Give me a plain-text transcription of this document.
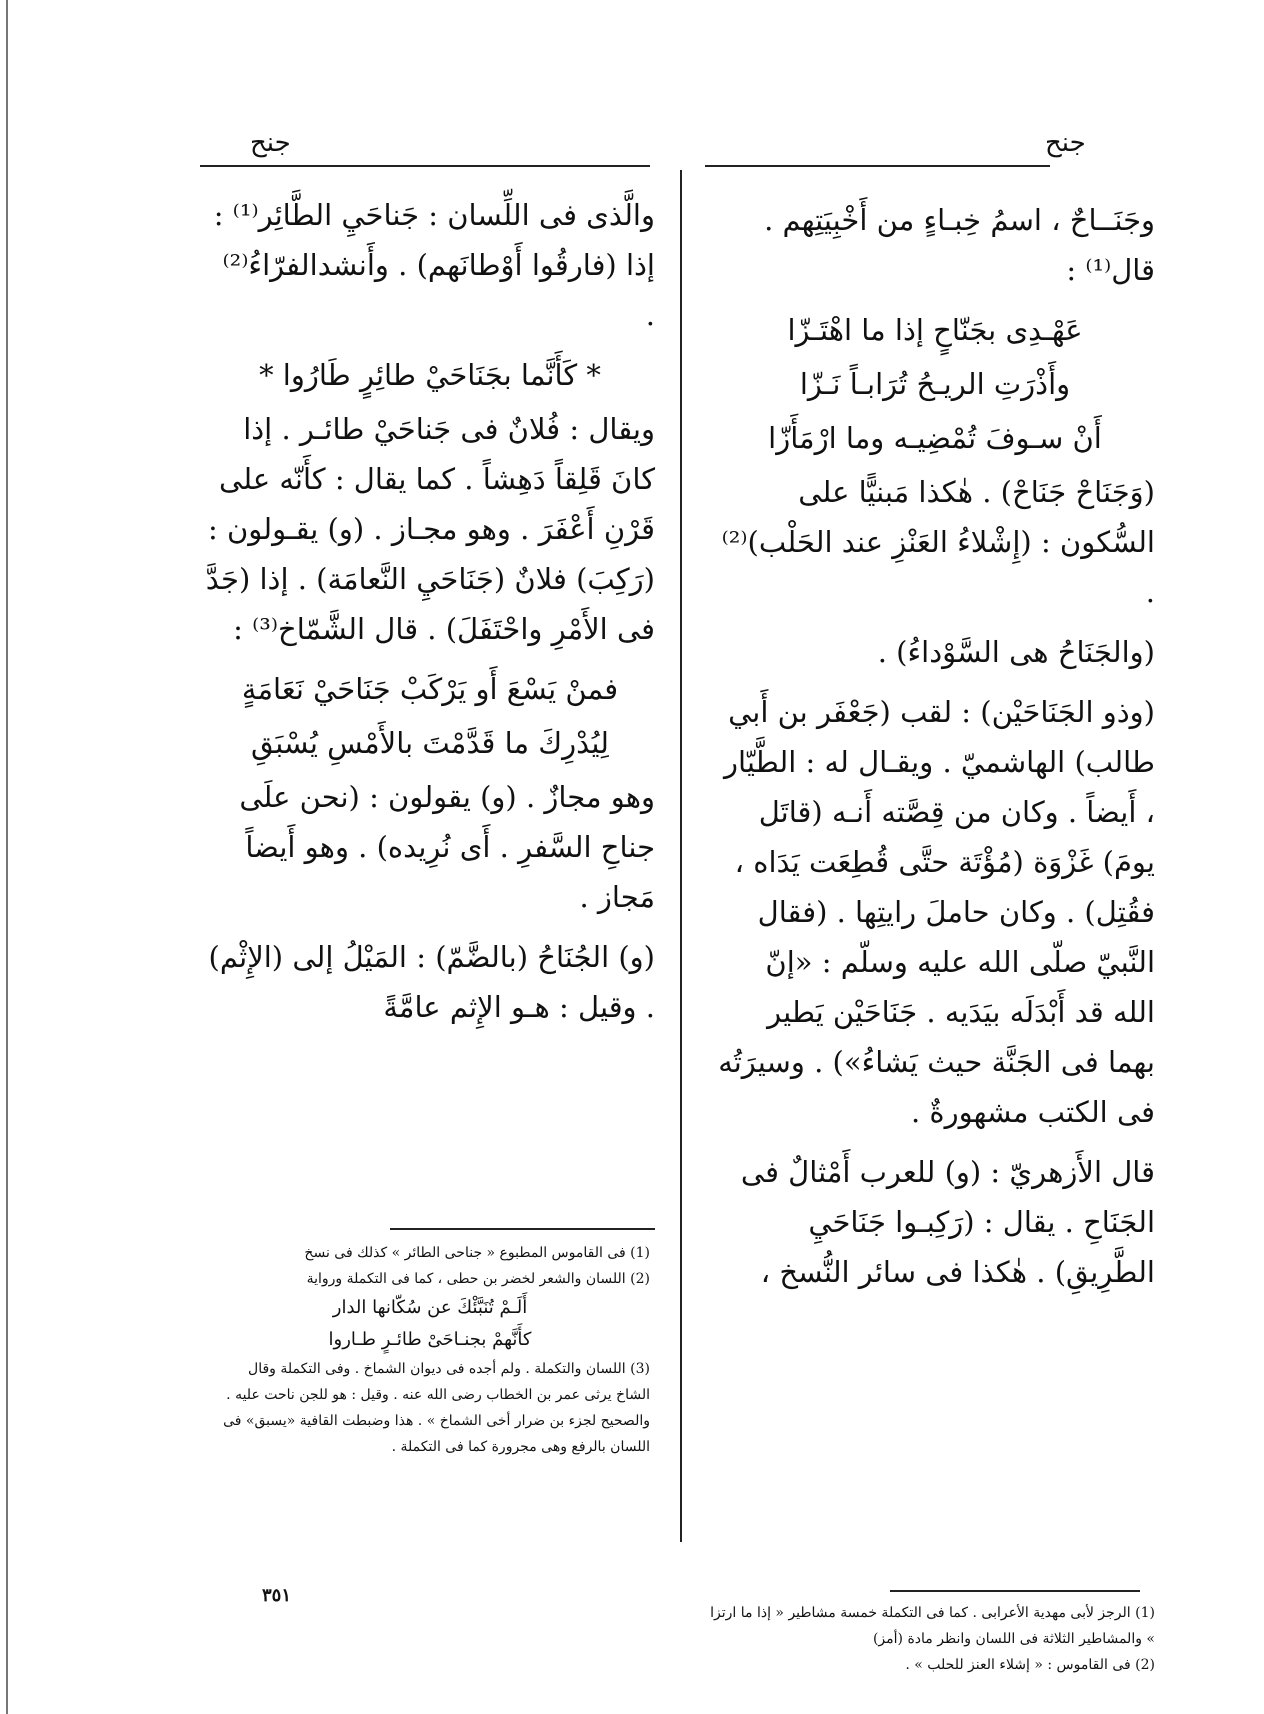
جنح	جنح

وجَنَــاحٌ ، اسمُ خِبـاءٍ من أَخْبِيَتِهم . قال⁽¹⁾ :

عَهْـدِى بجَنّاحٍ إذا ما اهْتَـزّا

وأَذْرَتِ الريـحُ تُرَابـاً نَـزّا

أَنْ سـوفَ تُمْضِيـه وما ارْمَأَزّا

(وَجَنَاحْ جَنَاحْ) . هٰكذا مَبنيًّا على السُّكون : (إِشْلاءُ العَنْزِ عند الحَلْب)⁽²⁾ .

(والجَنَاحُ هى السَّوْداءُ) .

(وذو الجَنَاحَيْن) : لقب (جَعْفَر بن أَبي طالب) الهاشميّ . ويقـال له : الطَّيّار ، أَيضاً . وكان من قِصَّته أَنـه (قاتَل يومَ) غَزْوَة (مُؤْتَة حتَّى قُطِعَت يَدَاه ، فقُتِل) . وكان حاملَ رايتِها . (فقال النَّبيّ صلّى الله عليه وسلّم : «إنّ الله قد أَبْدَلَه بيَدَيه . جَنَاحَيْن يَطير بهما فى الجَنَّة حيث يَشاءُ») . وسيرَتُه فى الكتب مشهورةٌ .

قال الأَزهريّ : (و) للعرب أَمْثالٌ فى الجَنَاحِ . يقال : (رَكِبـوا جَنَاحَيِ الطَّرِيقِ) . هٰكذا فى سائر النُّسخ ،

والَّذى فى اللِّسان : جَناحَيِ الطَّائِر⁽¹⁾ : إذا (فارقُوا أَوْطانَهم) . وأَنشدالفرّاءُ⁽²⁾ .

* كَأَنَّما بجَنَاحَيْ طائِرٍ طَارُوا *

ويقال : فُلانٌ فى جَناحَيْ طائـر . إذا كانَ قَلِقاً دَهِشاً . كما يقال : كأَنّه على قَرْنِ أَعْفَرَ . وهو مجـاز . (و) يقـولون : (رَكِبَ) فلانٌ (جَنَاحَيِ النَّعامَة) . إذا (جَدَّ فى الأَمْرِ واحْتَفَلَ) . قال الشَّمّاخ⁽³⁾ :

فمنْ يَسْعَ أَو يَرْكَبْ جَنَاحَيْ نَعَامَةٍ

لِيُدْرِكَ ما قَدَّمْتَ بالأَمْسِ يُسْبَقِ

وهو مجازٌ . (و) يقولون : (نحن علَى جناحِ السَّفرِ . أَى نُرِيده) . وهو أَيضاً مَجاز .

(و) الجُنَاحُ (بالضَّمّ) : المَيْلُ إلى (الإِثْم) . وقيل : هـو الإِثم عامَّةً

(1) فى القاموس المطبوع « جناحى الطائر » كذلك فى نسخ

(2) اللسان والشعر لخضر بن حطى ، كما فى التكملة ورواية

أَلَـمْ تُنَبَّئْكَ عن سُكّانها الدار

كأَنَّهمْ بجنـاحَىْ طائـرٍ طـاروا

(3) اللسان والتكملة . ولم أجده فى ديوان الشماخ . وفى التكملة وقال الشاخ يرثى عمر بن الخطاب رضى الله عنه . وقيل : هو للجن ناحت عليه . والصحيح لجزء بن ضرار أخى الشماخ » . هذا وضبطت القافية «يسبق» فى اللسان بالرفع وهى مجرورة كما فى التكملة .

(1) الرجز لأبى مهدية الأعرابى . كما فى التكملة خمسة مشاطير « إذا ما ارتزا » والمشاطير الثلاثة فى اللسان وانظر مادة (أمز)

(2) فى القاموس : « إشلاء العنز للحلب » .

٣٥١
